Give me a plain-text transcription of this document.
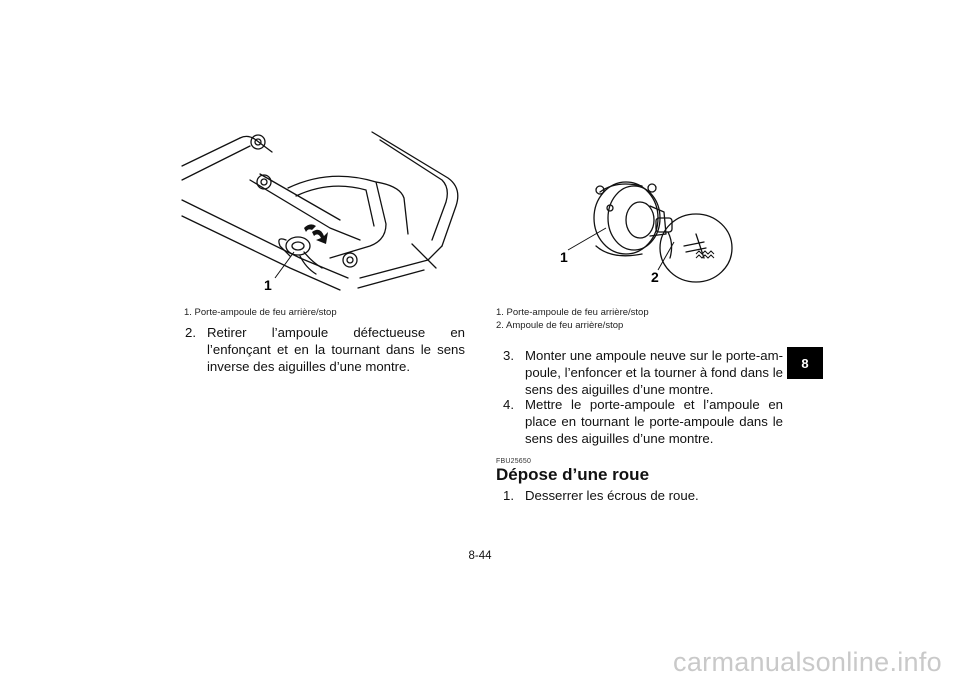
1
1
2
1. Porte-ampoule de feu arrière/stop
2. Retirer l’ampoule défectueuse en l’enfonçant et en la tournant dans le sens inverse des aiguilles d’une montre.
1. Porte-ampoule de feu arrière/stop
2. Ampoule de feu arrière/stop
3. Monter une ampoule neuve sur le porte-am-poule, l’enfoncer et la tourner à fond dans le sens des aiguilles d’une montre.
4. Mettre le porte-ampoule et l’ampoule en place en tournant le porte-ampoule dans le sens des aiguilles d’une montre.
FBU25650
Dépose d’une roue
1. Desserrer les écrous de roue.
8
8-44
carmanualsonline.info
